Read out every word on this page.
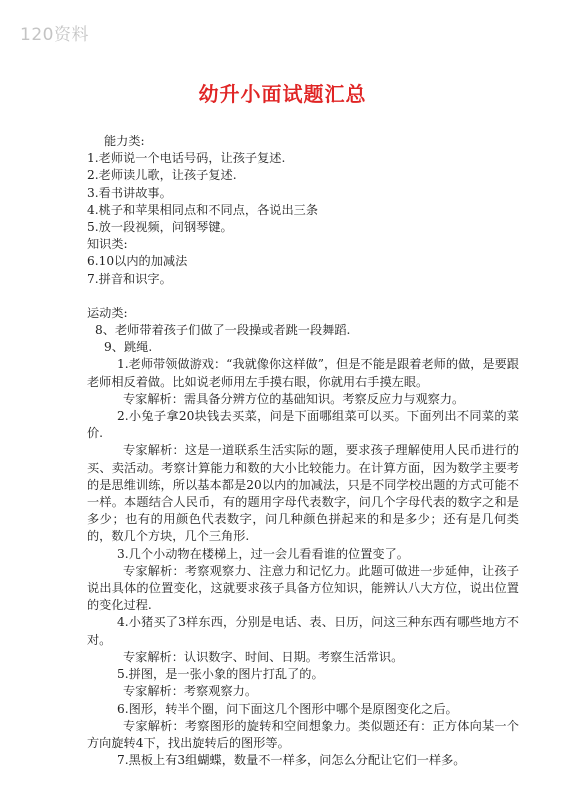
120资料
幼升小面试题汇总
能力类:
1.老师说一个电话号码，让孩子复述.
2.老师读儿歌，让孩子复述.
3.看书讲故事。
4.桃子和苹果相同点和不同点，各说出三条
5.放一段视频，问钢琴键。
知识类:
6.10以内的加减法
7.拼音和识字。
运动类:
8、老师带着孩子们做了一段操或者跳一段舞蹈.
9、跳绳.
1.老师带领做游戏：“我就像你这样做”，但是不能是跟着老师的做，是要跟老师相反着做。比如说老师用左手摸右眼，你就用右手摸左眼。
专家解析：需具备分辨方位的基础知识。考察反应力与观察力。
2.小兔子拿20块钱去买菜，问是下面哪组菜可以买。下面列出不同菜的菜价.
专家解析：这是一道联系生活实际的题，要求孩子理解使用人民币进行的买、卖活动。考察计算能力和数的大小比较能力。在计算方面，因为数学主要考的是思维训练，所以基本都是20以内的加减法，只是不同学校出题的方式可能不一样。本题结合人民币，有的题用字母代表数字，问几个字母代表的数字之和是多少；也有的用颜色代表数字，问几种颜色拼起来的和是多少；还有是几何类的，数几个方块，几个三角形.
3.几个小动物在楼梯上，过一会儿看看谁的位置变了。
专家解析：考察观察力、注意力和记忆力。此题可做进一步延伸，让孩子说出具体的位置变化，这就要求孩子具备方位知识，能辨认八大方位，说出位置的变化过程.
4.小猪买了3样东西，分别是电话、表、日历，问这三种东西有哪些地方不对。
专家解析：认识数字、时间、日期。考察生活常识。
5.拼图，是一张小象的图片打乱了的。
专家解析：考察观察力。
6.图形，转半个圈，问下面这几个图形中哪个是原图变化之后。
专家解析：考察图形的旋转和空间想象力。类似题还有：正方体向某一个方向旋转4下，找出旋转后的图形等。
7.黑板上有3组蝴蝶，数量不一样多，问怎么分配让它们一样多。
